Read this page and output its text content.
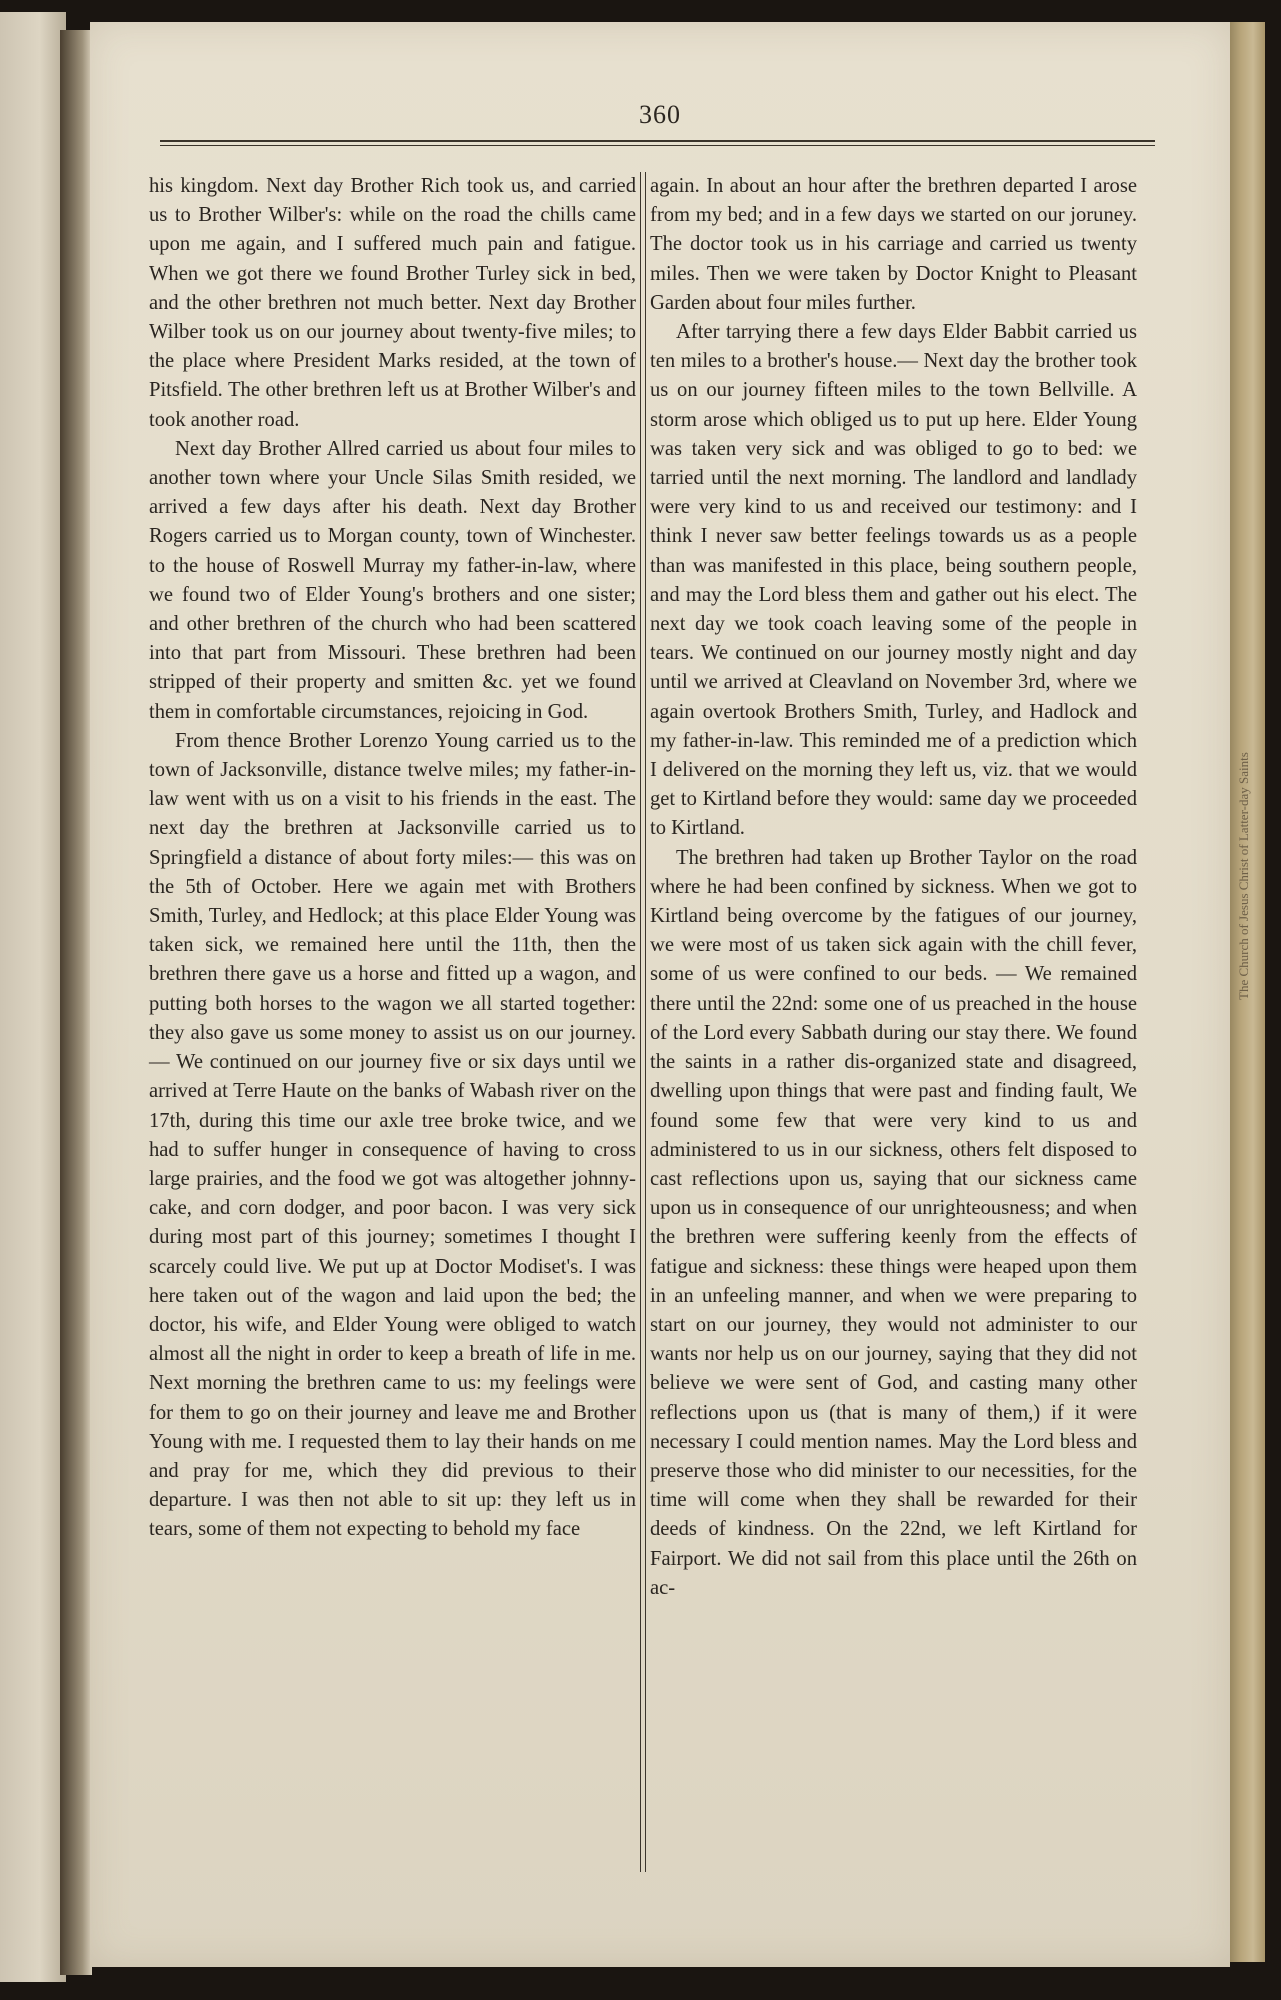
The Church of Jesus Christ of Latter-day Saints
360

his kingdom. Next day Brother Rich took us, and carried us to Brother Wilber's: while on the road the chills came upon me again, and I suffered much pain and fatigue. When we got there we found Brother Turley sick in bed, and the other brethren not much better. Next day Brother Wilber took us on our journey about twenty-five miles; to the place where President Marks resided, at the town of Pitsfield. The other brethren left us at Brother Wilber's and took another road.

Next day Brother Allred carried us about four miles to another town where your Uncle Silas Smith resided, we arrived a few days after his death. Next day Brother Rogers carried us to Morgan county, town of Winchester. to the house of Roswell Murray my father-in-law, where we found two of Elder Young's brothers and one sister; and other brethren of the church who had been scattered into that part from Missouri. These brethren had been stripped of their property and smitten &c. yet we found them in comfortable circumstances, rejoicing in God.

From thence Brother Lorenzo Young carried us to the town of Jacksonville, distance twelve miles; my father-in-law went with us on a visit to his friends in the east. The next day the brethren at Jacksonville carried us to Springfield a distance of about forty miles:— this was on the 5th of October. Here we again met with Brothers Smith, Turley, and Hedlock; at this place Elder Young was taken sick, we remained here until the 11th, then the brethren there gave us a horse and fitted up a wagon, and putting both horses to the wagon we all started together: they also gave us some money to assist us on our journey.— We continued on our journey five or six days until we arrived at Terre Haute on the banks of Wabash river on the 17th, during this time our axle tree broke twice, and we had to suffer hunger in consequence of having to cross large prairies, and the food we got was altogether johnny-cake, and corn dodger, and poor bacon. I was very sick during most part of this journey; sometimes I thought I scarcely could live. We put up at Doctor Modiset's. I was here taken out of the wagon and laid upon the bed; the doctor, his wife, and Elder Young were obliged to watch almost all the night in order to keep a breath of life in me. Next morning the brethren came to us: my feelings were for them to go on their journey and leave me and Brother Young with me. I requested them to lay their hands on me and pray for me, which they did previous to their departure. I was then not able to sit up: they left us in tears, some of them not expecting to behold my face

again. In about an hour after the brethren departed I arose from my bed; and in a few days we started on our joruney. The doctor took us in his carriage and carried us twenty miles. Then we were taken by Doctor Knight to Pleasant Garden about four miles further.

After tarrying there a few days Elder Babbit carried us ten miles to a brother's house.— Next day the brother took us on our journey fifteen miles to the town Bellville. A storm arose which obliged us to put up here. Elder Young was taken very sick and was obliged to go to bed: we tarried until the next morning. The landlord and landlady were very kind to us and received our testimony: and I think I never saw better feelings towards us as a people than was manifested in this place, being southern people, and may the Lord bless them and gather out his elect. The next day we took coach leaving some of the people in tears. We continued on our journey mostly night and day until we arrived at Cleavland on November 3rd, where we again overtook Brothers Smith, Turley, and Hadlock and my father-in-law. This reminded me of a prediction which I delivered on the morning they left us, viz. that we would get to Kirtland before they would: same day we proceeded to Kirtland.

The brethren had taken up Brother Taylor on the road where he had been confined by sickness. When we got to Kirtland being overcome by the fatigues of our journey, we were most of us taken sick again with the chill fever, some of us were confined to our beds. — We remained there until the 22nd: some one of us preached in the house of the Lord every Sabbath during our stay there. We found the saints in a rather dis-organized state and disagreed, dwelling upon things that were past and finding fault, We found some few that were very kind to us and administered to us in our sickness, others felt disposed to cast reflections upon us, saying that our sickness came upon us in consequence of our unrighteousness; and when the brethren were suffering keenly from the effects of fatigue and sickness: these things were heaped upon them in an unfeeling manner, and when we were preparing to start on our journey, they would not administer to our wants nor help us on our journey, saying that they did not believe we were sent of God, and casting many other reflections upon us (that is many of them,) if it were necessary I could mention names. May the Lord bless and preserve those who did minister to our necessities, for the time will come when they shall be rewarded for their deeds of kindness. On the 22nd, we left Kirtland for Fairport. We did not sail from this place until the 26th on ac-
